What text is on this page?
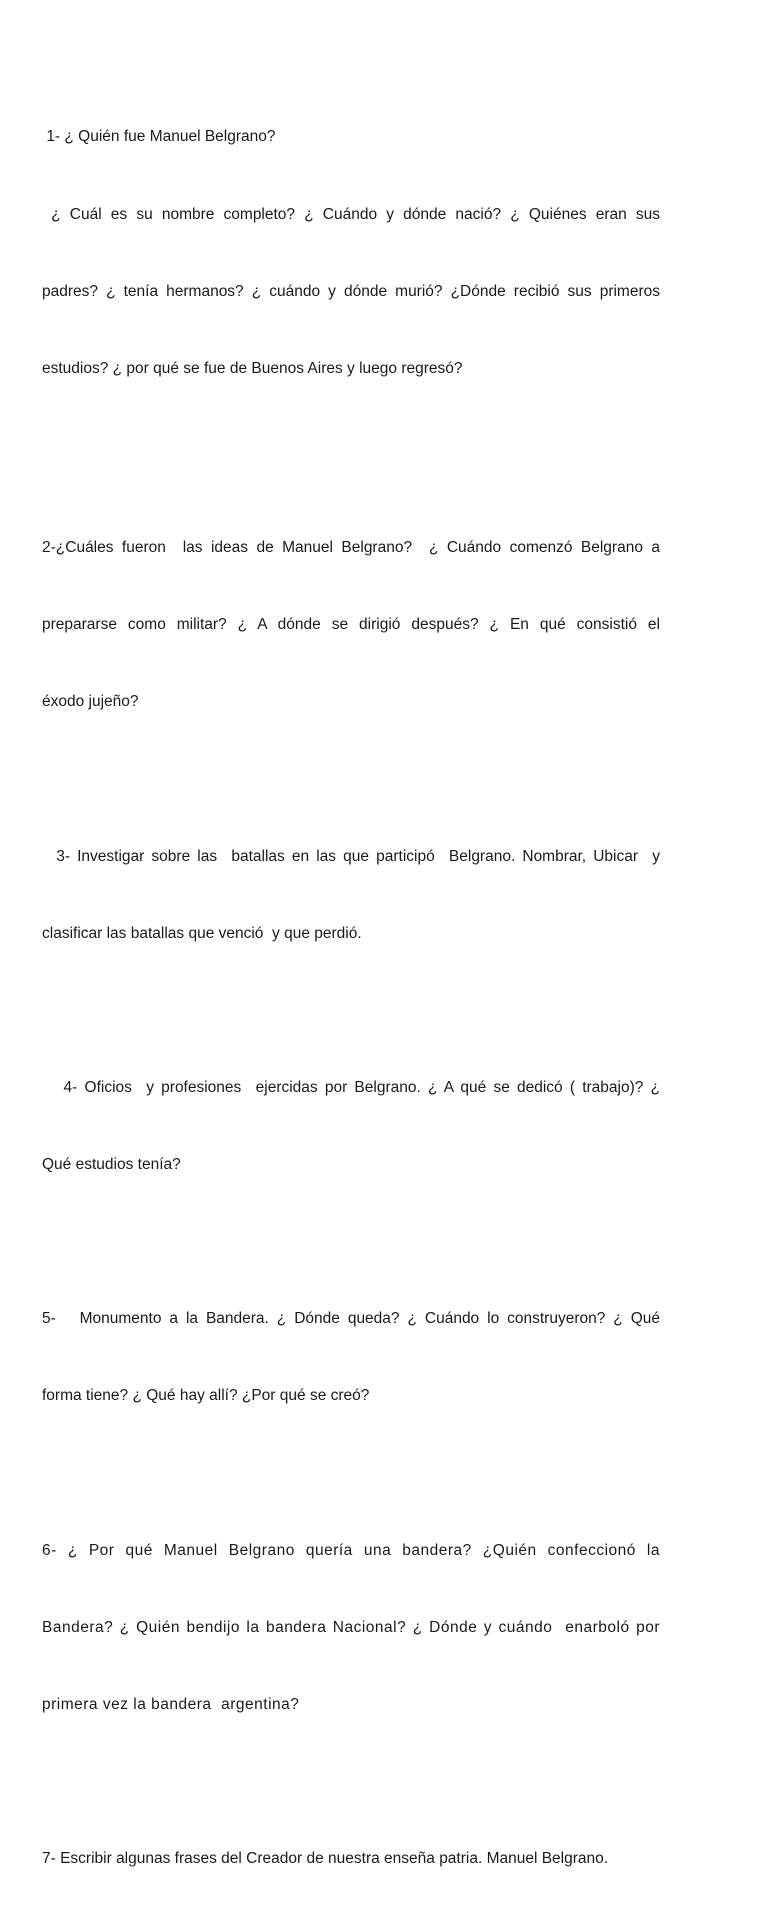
1- ¿ Quién fue Manuel Belgrano?

¿ Cuál es su nombre completo? ¿ Cuándo y dónde nació? ¿ Quiénes eran sus

padres? ¿ tenía hermanos? ¿ cuándo y dónde murió? ¿Dónde recibió sus primeros

estudios? ¿ por qué se fue de Buenos Aires y luego regresó?

2-¿Cuáles fueron  las ideas de Manuel Belgrano?  ¿ Cuándo comenzó Belgrano a

prepararse como militar? ¿ A dónde se dirigió después? ¿ En qué consistió el

éxodo jujeño?

3- Investigar sobre las  batallas en las que participó  Belgrano. Nombrar, Ubicar  y

clasificar las batallas que venció  y que perdió.

4- Oficios  y profesiones  ejercidas por Belgrano. ¿ A qué se dedicó ( trabajo)? ¿

Qué estudios tenía?

5-   Monumento a la Bandera. ¿ Dónde queda? ¿ Cuándo lo construyeron? ¿ Qué

forma tiene? ¿ Qué hay allí? ¿Por qué se creó?

6- ¿ Por qué Manuel Belgrano quería una bandera? ¿Quién confeccionó la

Bandera? ¿ Quién bendijo la bandera Nacional? ¿ Dónde y cuándo  enarboló por

primera vez la bandera  argentina?

7- Escribir algunas frases del Creador de nuestra enseña patria. Manuel Belgrano.
